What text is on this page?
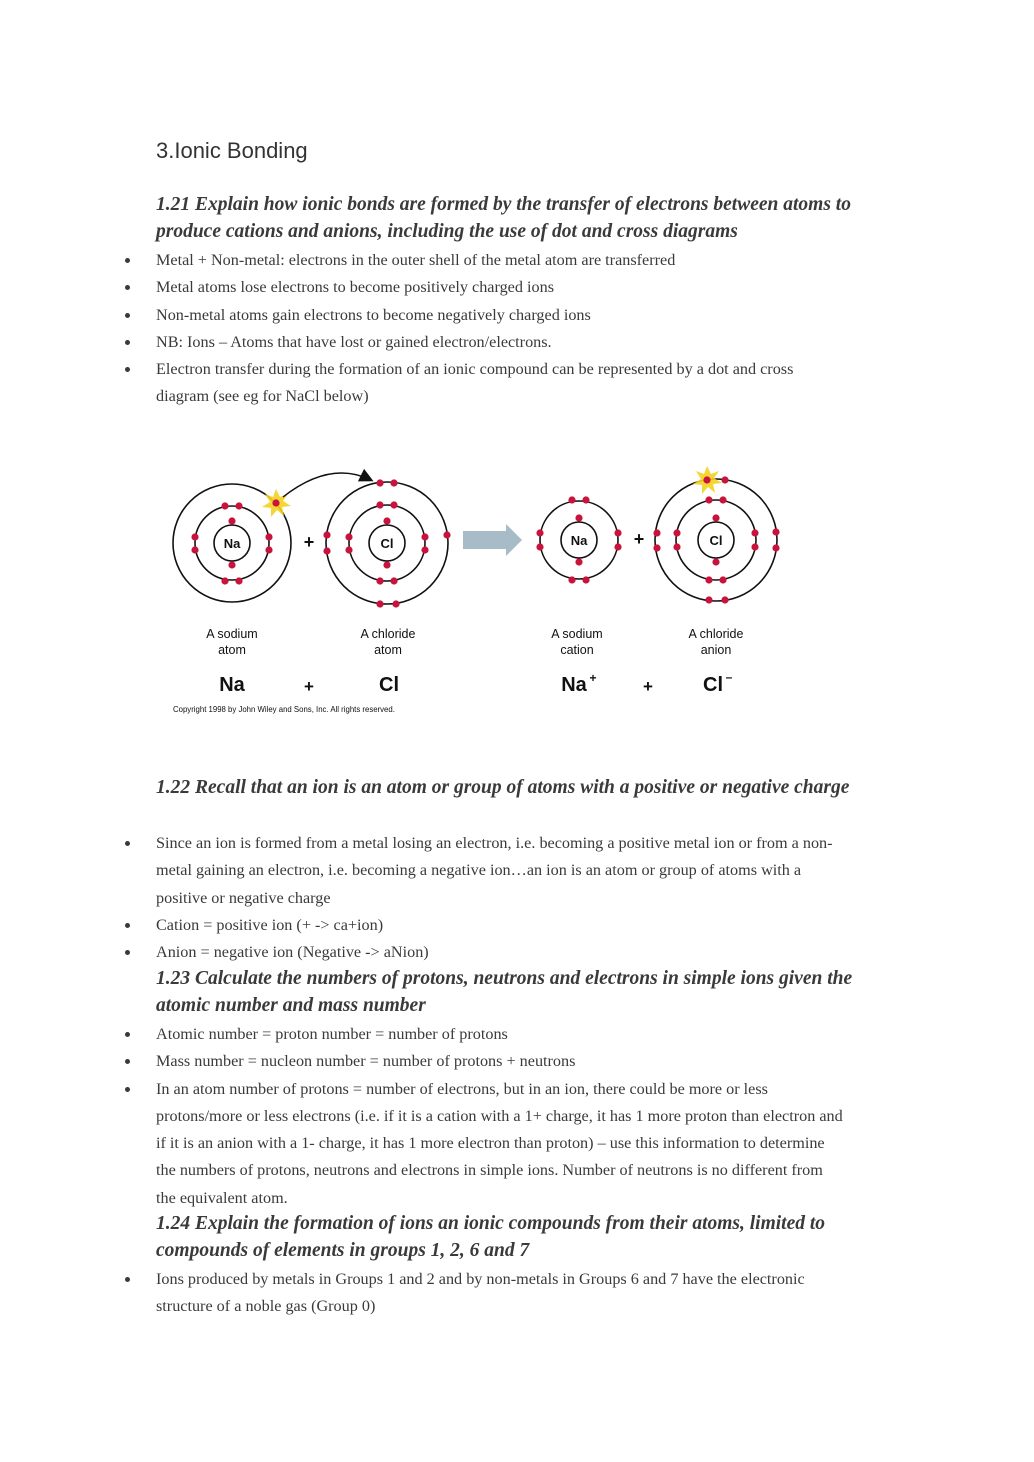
3.Ionic Bonding
1.21 Explain how ionic bonds are formed by the transfer of electrons between atoms to produce cations and anions, including the use of dot and cross diagrams
Metal + Non-metal: electrons in the outer shell of the metal atom are transferred
Metal atoms lose electrons to become positively charged ions
Non-metal atoms gain electrons to become negatively charged ions
NB: Ions – Atoms that have lost or gained electron/electrons.
Electron transfer during the formation of an ionic compound can be represented by a dot and cross diagram (see eg for NaCl below)
Na	+	Cl	Na	+	Cl
A sodium
atom
A chloride
atom
A sodium
cation
A chloride
anion
Na	+	Cl	Na +	+	Cl –
Copyright 1998 by John Wiley and Sons, Inc. All rights reserved.
1.22 Recall that an ion is an atom or group of atoms with a positive or negative charge
Since an ion is formed from a metal losing an electron, i.e. becoming a positive metal ion or from a non-metal gaining an electron, i.e. becoming a negative ion…an ion is an atom or group of atoms with a positive or negative charge
Cation = positive ion (+ -> ca+ion)
Anion = negative ion (Negative -> aNion)
1.23 Calculate the numbers of protons, neutrons and electrons in simple ions given the atomic number and mass number
Atomic number = proton number = number of protons
Mass number = nucleon number = number of protons + neutrons
In an atom number of protons = number of electrons, but in an ion, there could be more or less protons/more or less electrons (i.e. if it is a cation with a 1+ charge, it has 1 more proton than electron and if it is an anion with a 1- charge, it has 1 more electron than proton) – use this information to determine the numbers of protons, neutrons and electrons in simple ions. Number of neutrons is no different from the equivalent atom.
1.24 Explain the formation of ions an ionic compounds from their atoms, limited to compounds of elements in groups 1, 2, 6 and 7
Ions produced by metals in Groups 1 and 2 and by non-metals in Groups 6 and 7 have the electronic structure of a noble gas (Group 0)
